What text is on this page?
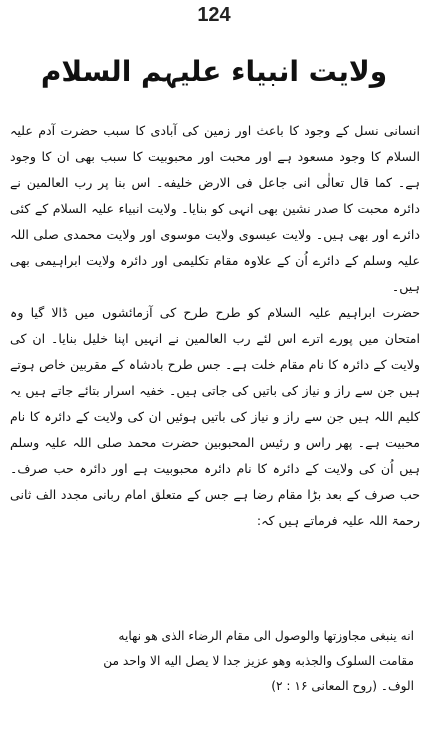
124
ولایت انبیاء علیہم السلام

انسانی نسل کے وجود کا باعث اور زمین کی آبادی کا سبب حضرت آدم علیہ السلام کا وجود مسعود ہے اور محبت اور محبوبیت کا سبب بھی ان کا وجود ہے۔ کما قال تعالٰی انی جاعل فی الارض خلیفه۔ اس بنا پر رب العالمین نے دائرہ محبت کا صدر نشین بھی انہی کو بنایا۔ ولایت انبیاء علیہ السلام کے کئی دائرے اور بھی ہیں۔ ولایت عیسوی ولایت موسوی اور ولایت محمدی صلی اللہ علیہ وسلم کے دائرے اُن کے علاوہ مقام تکلیمی اور دائرہ ولایت ابراہیمی بھی ہیں۔

حضرت ابراہیم علیہ السلام کو طرح طرح کی آزمائشوں میں ڈالا گیا وہ امتحان میں پورے اترے اس لئے رب العالمین نے انہیں اپنا خلیل بنایا۔ ان کی ولایت کے دائرہ کا نام مقام خلت ہے۔ جس طرح بادشاہ کے مقربین خاص ہوتے ہیں جن سے راز و نیاز کی باتیں کی جاتی ہیں۔ خفیہ اسرار بتائے جاتے ہیں یہ کلیم اللہ ہیں جن سے راز و نیاز کی باتیں ہوئیں ان کی ولایت کے دائرہ کا نام محبیت ہے۔ پھر راس و رئیس المحبوبین حضرت محمد صلی اللہ علیہ وسلم ہیں اُن کی ولایت کے دائرہ کا نام دائرہ محبوبیت ہے اور دائرہ حب صرف۔ حب صرف کے بعد بڑا مقام رضا ہے جس کے متعلق امام ربانی مجدد الف ثانی رحمۃ اللہ علیہ فرماتے ہیں کہ:

انه ینبغی مجاوزتها والوصول الی مقام الرضاء الذی هو نهایه

مقامت السلوک والجذبه وهو عزیز جدا لا یصل الیه الا واحد من

الوف۔ (روح المعانی ۱۶ : ۲)
